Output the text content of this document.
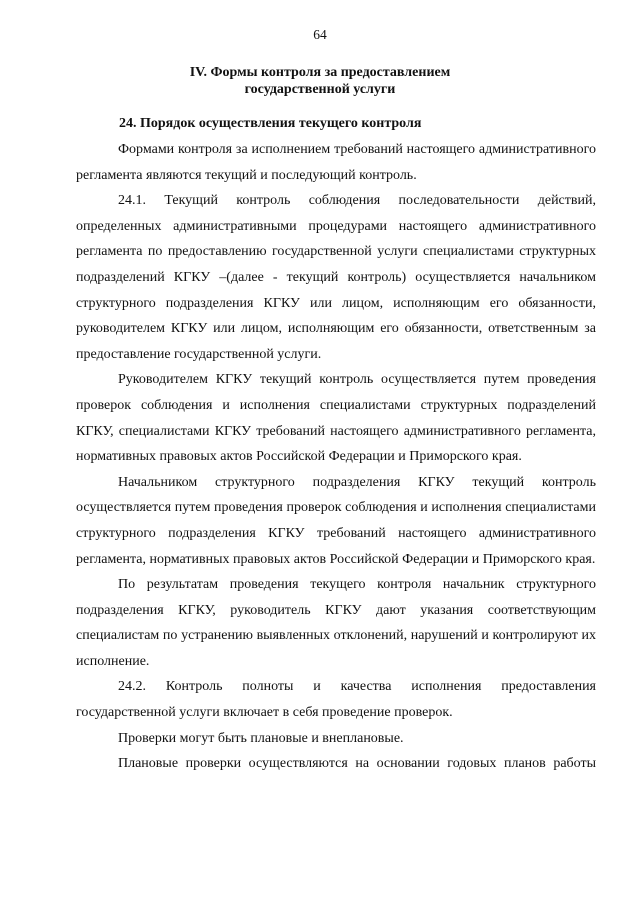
64

IV. Формы контроля за предоставлением
государственной услуги
24. Порядок осуществления текущего контроля

Формами контроля за исполнением требований настоящего административного регламента являются текущий и последующий контроль.

24.1. Текущий контроль соблюдения последовательности действий, определенных административными процедурами настоящего административного регламента по предоставлению государственной услуги специалистами структурных подразделений КГКУ –(далее - текущий контроль) осуществляется начальником структурного подразделения КГКУ или лицом, исполняющим его обязанности, руководителем КГКУ или лицом, исполняющим его обязанности, ответственным за предоставление государственной услуги.

Руководителем КГКУ текущий контроль осуществляется путем проведения проверок соблюдения и исполнения специалистами структурных подразделений КГКУ, специалистами КГКУ требований настоящего административного регламента, нормативных правовых актов Российской Федерации и Приморского края.

Начальником структурного подразделения КГКУ текущий контроль осуществляется путем проведения проверок соблюдения и исполнения специалистами структурного подразделения КГКУ требований настоящего административного регламента, нормативных правовых актов Российской Федерации и Приморского края.

По результатам проведения текущего контроля начальник структурного подразделения КГКУ, руководитель КГКУ дают указания соответствующим специалистам по устранению выявленных отклонений, нарушений и контролируют их исполнение.

24.2. Контроль полноты и качества исполнения предоставления государственной услуги включает в себя проведение проверок.

Проверки могут быть плановые и внеплановые.

Плановые проверки осуществляются на основании годовых планов работы
